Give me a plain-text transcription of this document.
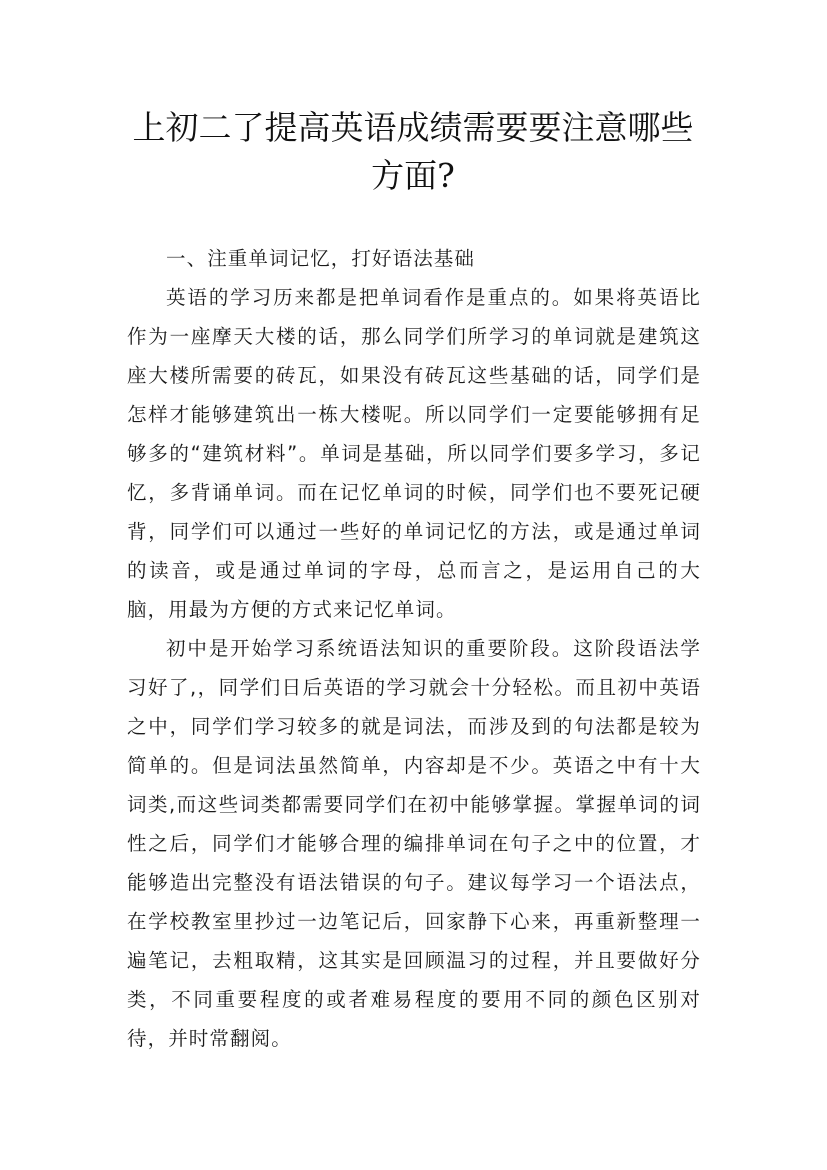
上初二了提高英语成绩需要要注意哪些方面?

一、注重单词记忆，打好语法基础

英语的学习历来都是把单词看作是重点的。如果将英语比作为一座摩天大楼的话，那么同学们所学习的单词就是建筑这座大楼所需要的砖瓦，如果没有砖瓦这些基础的话，同学们是怎样才能够建筑出一栋大楼呢。所以同学们一定要能够拥有足够多的“建筑材料”。单词是基础，所以同学们要多学习，多记忆，多背诵单词。而在记忆单词的时候，同学们也不要死记硬背，同学们可以通过一些好的单词记忆的方法，或是通过单词的读音，或是通过单词的字母，总而言之，是运用自己的大脑，用最为方便的方式来记忆单词。

初中是开始学习系统语法知识的重要阶段。这阶段语法学习好了,，同学们日后英语的学习就会十分轻松。而且初中英语之中，同学们学习较多的就是词法，而涉及到的句法都是较为简单的。但是词法虽然简单，内容却是不少。英语之中有十大词类,而这些词类都需要同学们在初中能够掌握。掌握单词的词性之后，同学们才能够合理的编排单词在句子之中的位置，才能够造出完整没有语法错误的句子。建议每学习一个语法点，在学校教室里抄过一边笔记后，回家静下心来，再重新整理一遍笔记，去粗取精，这其实是回顾温习的过程，并且要做好分类，不同重要程度的或者难易程度的要用不同的颜色区别对待，并时常翻阅。
